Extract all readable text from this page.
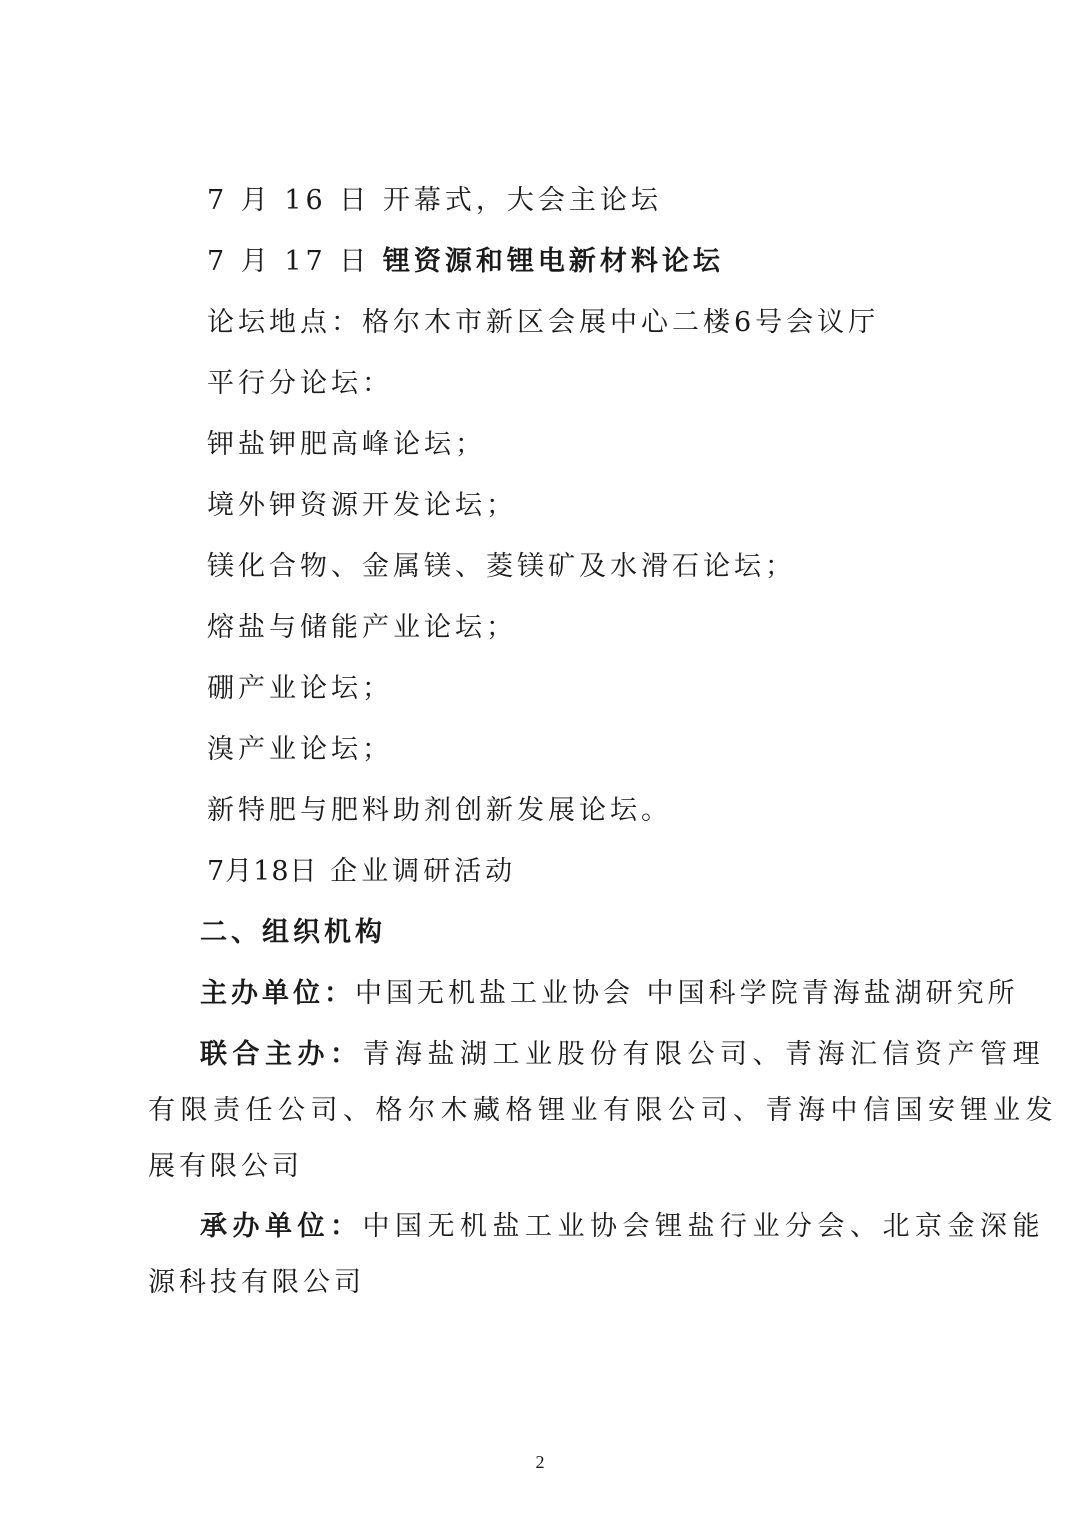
7 月 16 日 开幕式，大会主论坛
7 月 17 日 锂资源和锂电新材料论坛
论坛地点：格尔木市新区会展中心二楼6号会议厅
平行分论坛：
钾盐钾肥高峰论坛；
境外钾资源开发论坛；
镁化合物、金属镁、菱镁矿及水滑石论坛；
熔盐与储能产业论坛；
硼产业论坛；
溴产业论坛；
新特肥与肥料助剂创新发展论坛。
7月18日 企业调研活动
二、组织机构
主办单位：中国无机盐工业协会 中国科学院青海盐湖研究所
联合主办：青海盐湖工业股份有限公司、青海汇信资产管理
有限责任公司、格尔木藏格锂业有限公司、青海中信国安锂业发
展有限公司
承办单位：中国无机盐工业协会锂盐行业分会、北京金深能
源科技有限公司
2
